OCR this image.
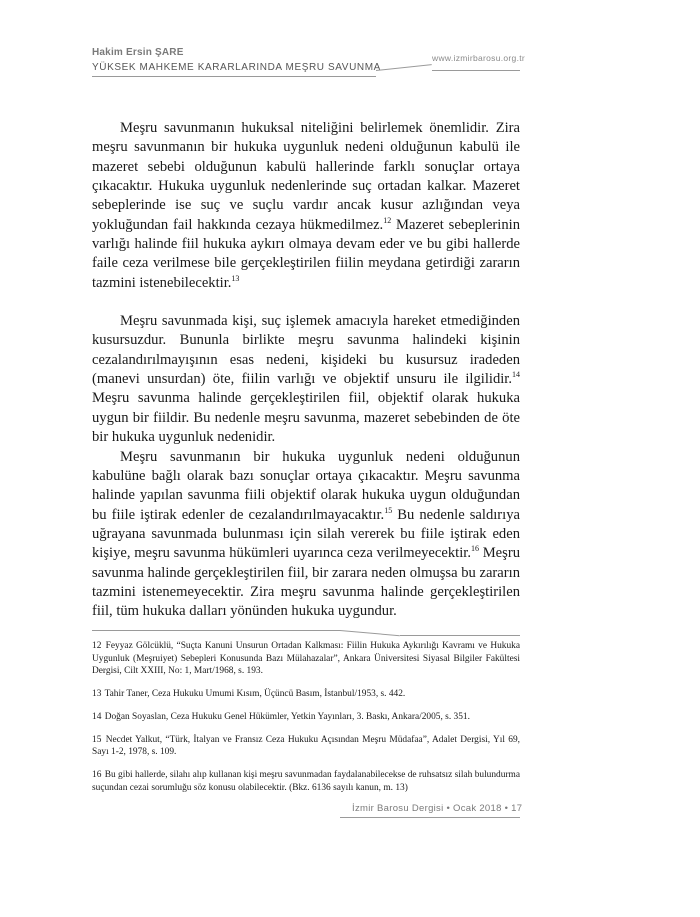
Hakim Ersin ŞARE
YÜKSEK MAHKEME KARARLARINDA MEŞRU SAVUNMA
www.izmirbarosu.org.tr

Meşru savunmanın hukuksal niteliğini belirlemek önemlidir. Zira meşru savunmanın bir hukuka uygunluk nedeni olduğunun kabulü ile mazeret sebebi olduğunun kabulü hallerinde farklı sonuçlar ortaya çıkacaktır. Hukuka uygunluk nedenlerinde suç ortadan kalkar. Mazeret sebeplerinde ise suç ve suçlu vardır ancak kusur azlığından veya yokluğundan fail hakkında cezaya hükmedilmez.$^{12}$ Mazeret sebeplerinin varlığı halinde fiil hukuka aykırı olmaya devam eder ve bu gibi hallerde faile ceza verilmese bile gerçekleştirilen fiilin meydana getirdiği zararın tazmini istenebilecektir.$^{13}$

Meşru savunmada kişi, suç işlemek amacıyla hareket etmediğinden kusursuzdur. Bununla birlikte meşru savunma halindeki kişinin cezalandırılmayışının esas nedeni, kişideki bu kusursuz iradeden (manevi unsurdan) öte, fiilin varlığı ve objektif unsuru ile ilgilidir.$^{14}$ Meşru savunma halinde gerçekleştirilen fiil, objektif olarak hukuka uygun bir fiildir. Bu nedenle meşru savunma, mazeret sebebinden de öte bir hukuka uygunluk nedenidir.

Meşru savunmanın bir hukuka uygunluk nedeni olduğunun kabulüne bağlı olarak bazı sonuçlar ortaya çıkacaktır. Meşru savunma halinde yapılan savunma fiili objektif olarak hukuka uygun olduğundan bu fiile iştirak edenler de cezalandırılmayacaktır.$^{15}$ Bu nedenle saldırıya uğrayana savunmada bulunması için silah vererek bu fiile iştirak eden kişiye, meşru savunma hükümleri uyarınca ceza verilmeyecektir.$^{16}$ Meşru savunma halinde gerçekleştirilen fiil, bir zarara neden olmuşsa bu zararın tazmini istenemeyecektir. Zira meşru savunma halinde gerçekleştirilen fiil, tüm hukuka dalları yönünden hukuka uygundur.

12 Feyyaz Gölcüklü, “Suçta Kanuni Unsurun Ortadan Kalkması: Fiilin Hukuka Aykırılığı Kavramı ve Hukuka Uygunluk (Meşruiyet) Sebepleri Konusunda Bazı Mülahazalar”, Ankara Üniversitesi Siyasal Bilgiler Fakültesi Dergisi, Cilt XXIII, No: 1, Mart/1968, s. 193.
13 Tahir Taner, Ceza Hukuku Umumi Kısım, Üçüncü Basım, İstanbul/1953, s. 442.
14 Doğan Soyaslan, Ceza Hukuku Genel Hükümler, Yetkin Yayınları, 3. Baskı, Ankara/2005, s. 351.
15 Necdet Yalkut, “Türk, İtalyan ve Fransız Ceza Hukuku Açısından Meşru Müdafaa”, Adalet Dergisi, Yıl 69, Sayı 1-2, 1978, s. 109.
16 Bu gibi hallerde, silahı alıp kullanan kişi meşru savunmadan faydalanabilecekse de ruhsatsız silah bulundurma suçundan cezai sorumluğu söz konusu olabilecektir. (Bkz. 6136 sayılı kanun, m. 13)
İzmir Barosu Dergisi • Ocak 2018 • 17
